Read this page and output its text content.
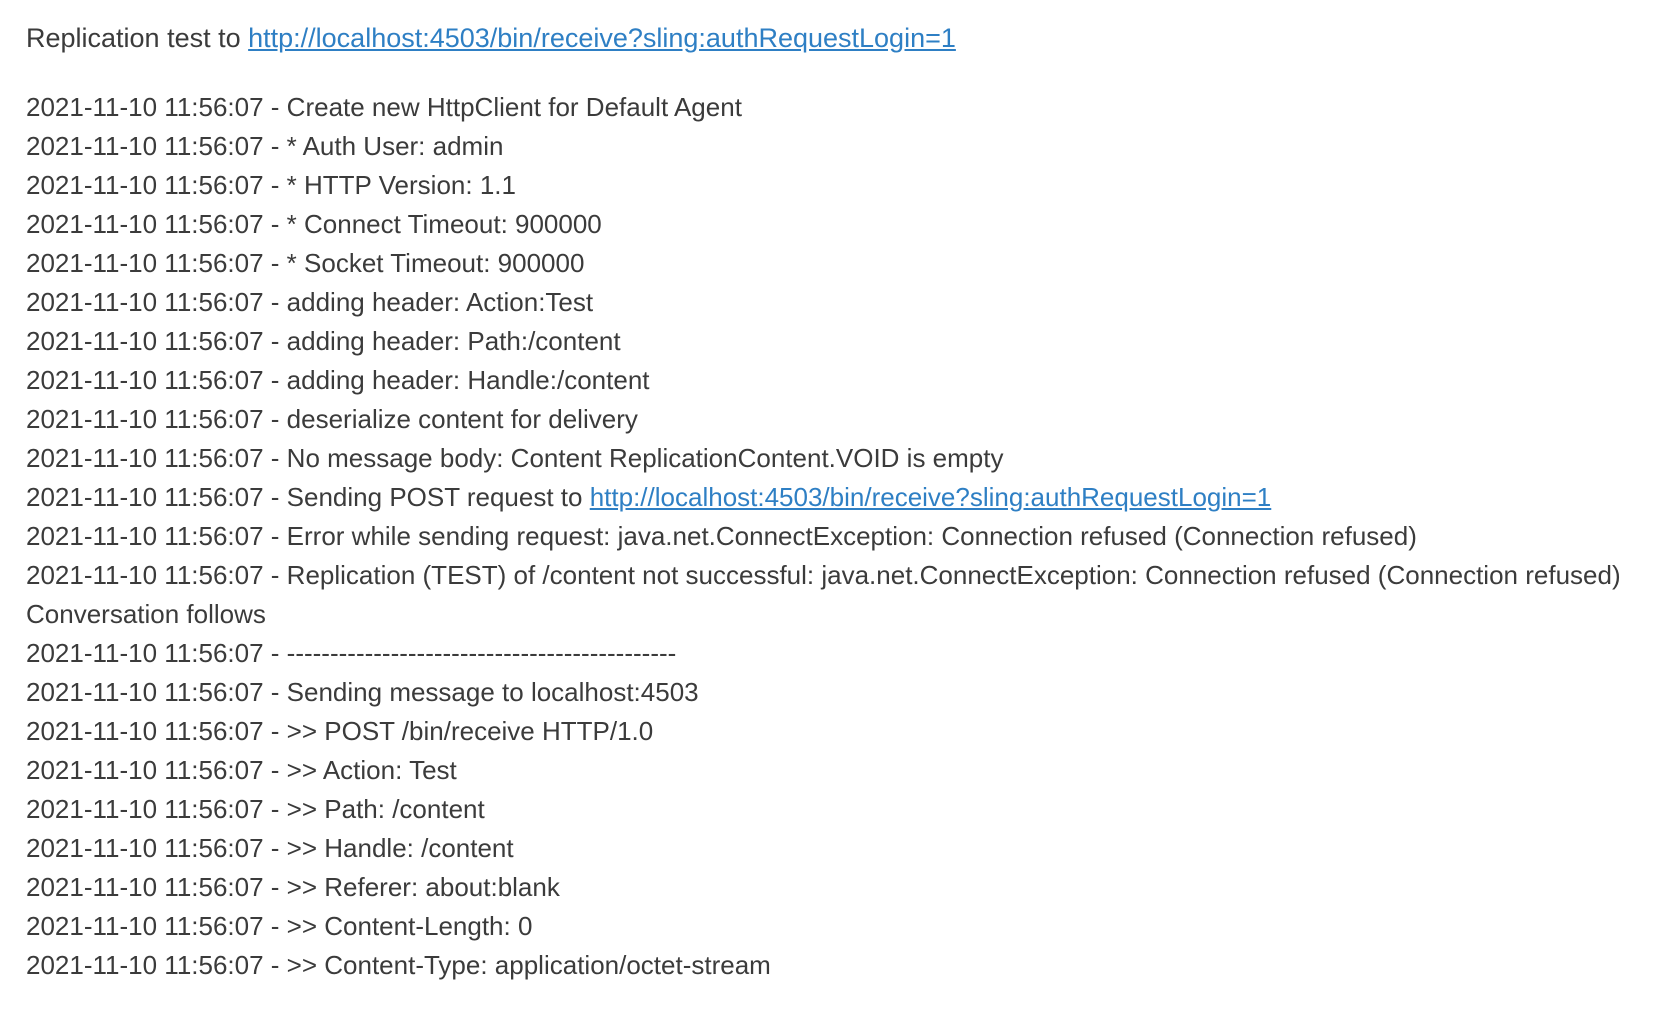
Replication test to http://localhost:4503/bin/receive?sling:authRequestLogin=1
2021-11-10 11:56:07 - Create new HttpClient for Default Agent
2021-11-10 11:56:07 - * Auth User: admin
2021-11-10 11:56:07 - * HTTP Version: 1.1
2021-11-10 11:56:07 - * Connect Timeout: 900000
2021-11-10 11:56:07 - * Socket Timeout: 900000
2021-11-10 11:56:07 - adding header: Action:Test
2021-11-10 11:56:07 - adding header: Path:/content
2021-11-10 11:56:07 - adding header: Handle:/content
2021-11-10 11:56:07 - deserialize content for delivery
2021-11-10 11:56:07 - No message body: Content ReplicationContent.VOID is empty
2021-11-10 11:56:07 - Sending POST request to http://localhost:4503/bin/receive?sling:authRequestLogin=1
2021-11-10 11:56:07 - Error while sending request: java.net.ConnectException: Connection refused (Connection refused)
2021-11-10 11:56:07 - Replication (TEST) of /content not successful: java.net.ConnectException: Connection refused (Connection refused) Conversation follows
2021-11-10 11:56:07 - ---------------------------------------------
2021-11-10 11:56:07 - Sending message to localhost:4503
2021-11-10 11:56:07 - >> POST /bin/receive HTTP/1.0
2021-11-10 11:56:07 - >> Action: Test
2021-11-10 11:56:07 - >> Path: /content
2021-11-10 11:56:07 - >> Handle: /content
2021-11-10 11:56:07 - >> Referer: about:blank
2021-11-10 11:56:07 - >> Content-Length: 0
2021-11-10 11:56:07 - >> Content-Type: application/octet-stream
